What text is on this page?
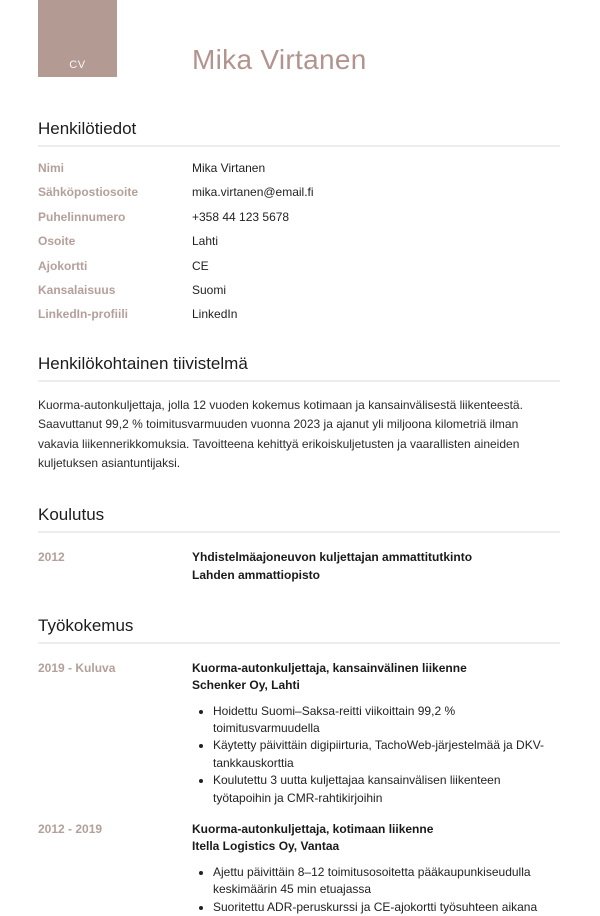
CV	Mika Virtanen
Henkilötiedot
Nimi	Mika Virtanen
Sähköpostiosoite	mika.virtanen@email.fi
Puhelinnumero	+358 44 123 5678
Osoite	Lahti
Ajokortti	CE
Kansalaisuus	Suomi
LinkedIn-profiili	LinkedIn
Henkilökohtainen tiivistelmä

Kuorma-autonkuljettaja, jolla 12 vuoden kokemus kotimaan ja kansainvälisestä liikenteestä. Saavuttanut 99,2 % toimitusvarmuuden vuonna 2023 ja ajanut yli miljoona kilometriä ilman vakavia liikennerikkomuksia. Tavoitteena kehittyä erikoiskuljetusten ja vaarallisten aineiden kuljetuksen asiantuntijaksi.

Koulutus
2012	Yhdistelmäajoneuvon kuljettajan ammattitutkinto
Lahden ammattiopisto
Työkokemus
2019 - Kuluva	Kuorma-autonkuljettaja, kansainvälinen liikenne
Schenker Oy, Lahti
• Hoidettu Suomi–Saksa-reitti viikoittain 99,2 % toimitusvarmuudella
• Käytetty päivittäin digipiirturia, TachoWeb-järjestelmää ja DKV-tankkauskorttia
• Koulutettu 3 uutta kuljettajaa kansainvälisen liikenteen työtapoihin ja CMR-rahtikirjoihin
2012 - 2019	Kuorma-autonkuljettaja, kotimaan liikenne
Itella Logistics Oy, Vantaa
• Ajettu päivittäin 8–12 toimitusosoitetta pääkaupunkiseudulla keskimäärin 45 min etuajassa
• Suoritettu ADR-peruskurssi ja CE-ajokortti työsuhteen aikana
